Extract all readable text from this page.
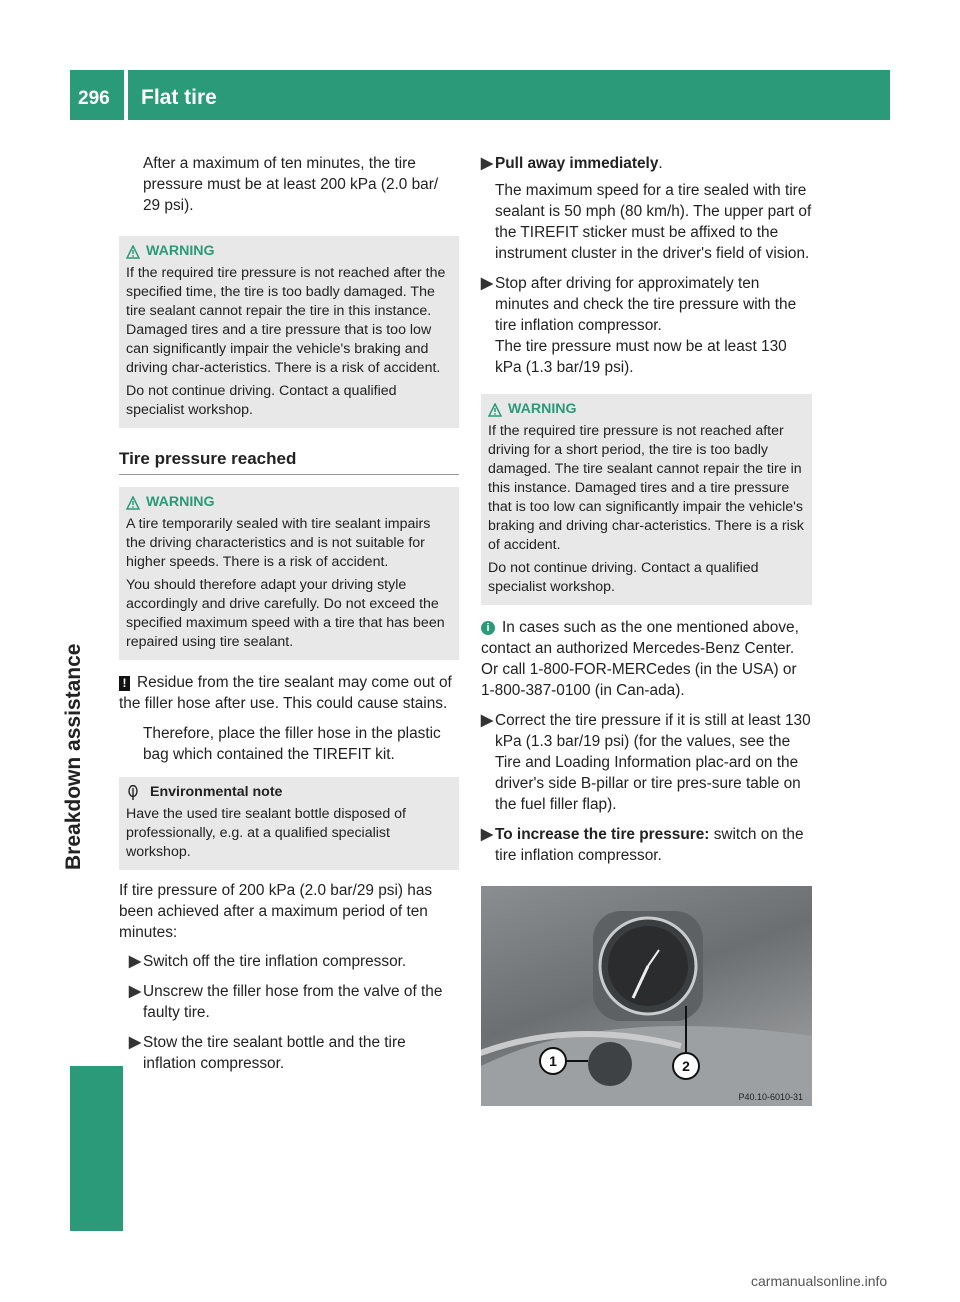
296 Flat tire
Breakdown assistance

After a maximum of ten minutes, the tire pressure must be at least 200 kPa (2.0 bar/ 29 psi).

WARNING
If the required tire pressure is not reached after the specified time, the tire is too badly damaged. The tire sealant cannot repair the tire in this instance. Damaged tires and a tire pressure that is too low can significantly impair the vehicle's braking and driving char-acteristics. There is a risk of accident.
Do not continue driving. Contact a qualified specialist workshop.
Tire pressure reached
WARNING
A tire temporarily sealed with tire sealant impairs the driving characteristics and is not suitable for higher speeds. There is a risk of accident.
You should therefore adapt your driving style accordingly and drive carefully. Do not exceed the specified maximum speed with a tire that has been repaired using tire sealant.

! Residue from the tire sealant may come out of the filler hose after use. This could cause stains.

Therefore, place the filler hose in the plastic bag which contained the TIREFIT kit.

Environmental note
Have the used tire sealant bottle disposed of professionally, e.g. at a qualified specialist workshop.

If tire pressure of 200 kPa (2.0 bar/29 psi) has been achieved after a maximum period of ten minutes:

▶ Switch off the tire inflation compressor.
▶ Unscrew the filler hose from the valve of the faulty tire.
▶ Stow the tire sealant bottle and the tire inflation compressor.
▶ Pull away immediately.

The maximum speed for a tire sealed with tire sealant is 50 mph (80 km/h). The upper part of the TIREFIT sticker must be affixed to the instrument cluster in the driver's field of vision.

▶ Stop after driving for approximately ten minutes and check the tire pressure with the tire inflation compressor.

The tire pressure must now be at least 130 kPa (1.3 bar/19 psi).

WARNING
If the required tire pressure is not reached after driving for a short period, the tire is too badly damaged. The tire sealant cannot repair the tire in this instance. Damaged tires and a tire pressure that is too low can significantly impair the vehicle's braking and driving char-acteristics. There is a risk of accident.
Do not continue driving. Contact a qualified specialist workshop.

i In cases such as the one mentioned above, contact an authorized Mercedes-Benz Center. Or call 1-800-FOR-MERCedes (in the USA) or 1-800-387-0100 (in Can-ada).

▶ Correct the tire pressure if it is still at least 130 kPa (1.3 bar/19 psi) (for the values, see the Tire and Loading Information plac-ard on the driver's side B-pillar or tire pres-sure table on the fuel filler flap).
▶ To increase the tire pressure: switch on the tire inflation compressor.
1	2
P40.10-6010-31
carmanualsonline.info
